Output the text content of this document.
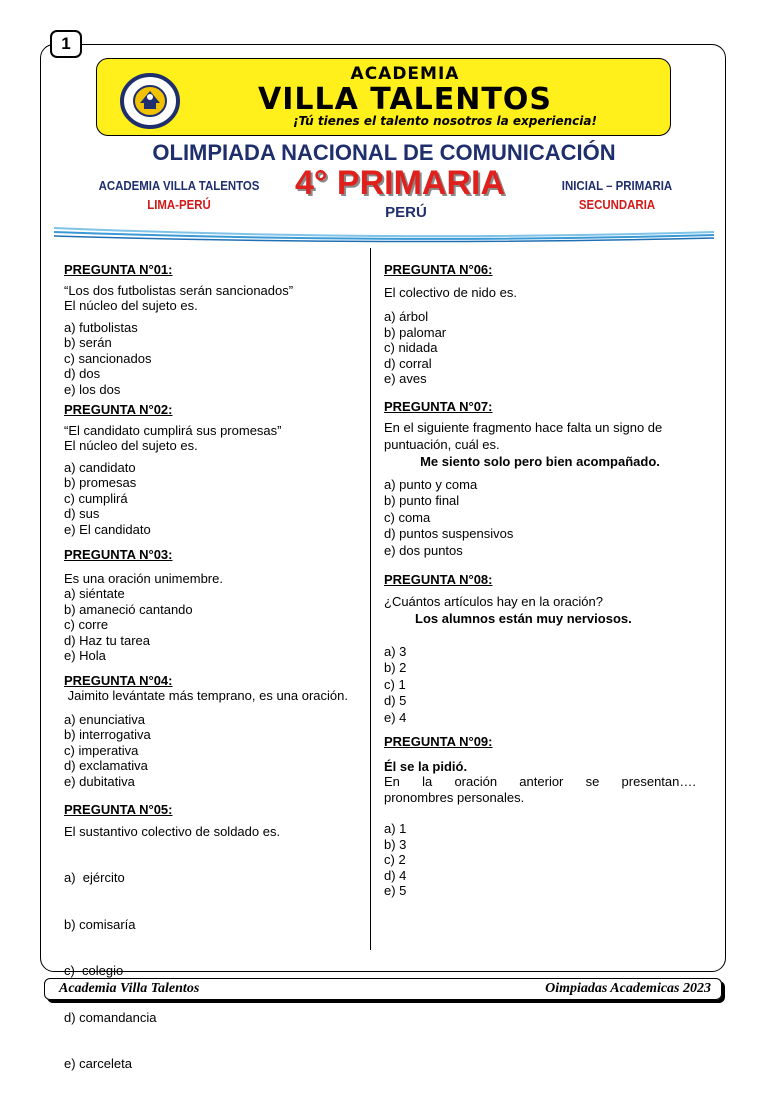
1
ACADEMIA
VILLA TALENTOS
¡Tú tienes el talento nosotros la experiencia!
OLIMPIADA NACIONAL DE COMUNICACIÓN
ACADEMIA VILLA TALENTOS
LIMA-PERÚ
4° PRIMARIA
PERÚ
INICIAL – PRIMARIA
SECUNDARIA
PREGUNTA N°01:
“Los dos futbolistas serán sancionados”
El núcleo del sujeto es.
a) futbolistas
b) serán
c) sancionados
d) dos
e) los dos
PREGUNTA N°02:
“El candidato cumplirá sus promesas”
El núcleo del sujeto es.
a) candidato
b) promesas
c) cumplirá
d) sus
e) El candidato
PREGUNTA N°03:
Es una oración unimembre.
a) siéntate
b) amaneció cantando
c) corre
d) Haz tu tarea
e) Hola
PREGUNTA N°04:
Jaimito levántate más temprano, es una oración.
a) enunciativa
b) interrogativa
c) imperativa
d) exclamativa
e) dubitativa
PREGUNTA N°05:
El sustantivo colectivo de soldado es.

a)  ejército

b) comisaría

c)  colegio

d) comandancia

e) carceleta

PREGUNTA N°06:
El colectivo de nido es.
a) árbol
b) palomar
c) nidada
d) corral
e) aves
PREGUNTA N°07:
En el siguiente fragmento hace falta un signo de puntuación, cuál es.
Me siento solo pero bien acompañado.
a) punto y coma
b) punto final
c) coma
d) puntos suspensivos
e) dos puntos
PREGUNTA N°08:
¿Cuántos artículos hay en la oración?
Los alumnos están muy nerviosos.
a) 3
b) 2
c) 1
d) 5
e) 4
PREGUNTA N°09:
Él se la pidió.
En la oración anterior se presentan….
pronombres personales.
a) 1
b) 3
c) 2
d) 4
e) 5
Academia Villa Talentos	Oimpiadas Academicas 2023
